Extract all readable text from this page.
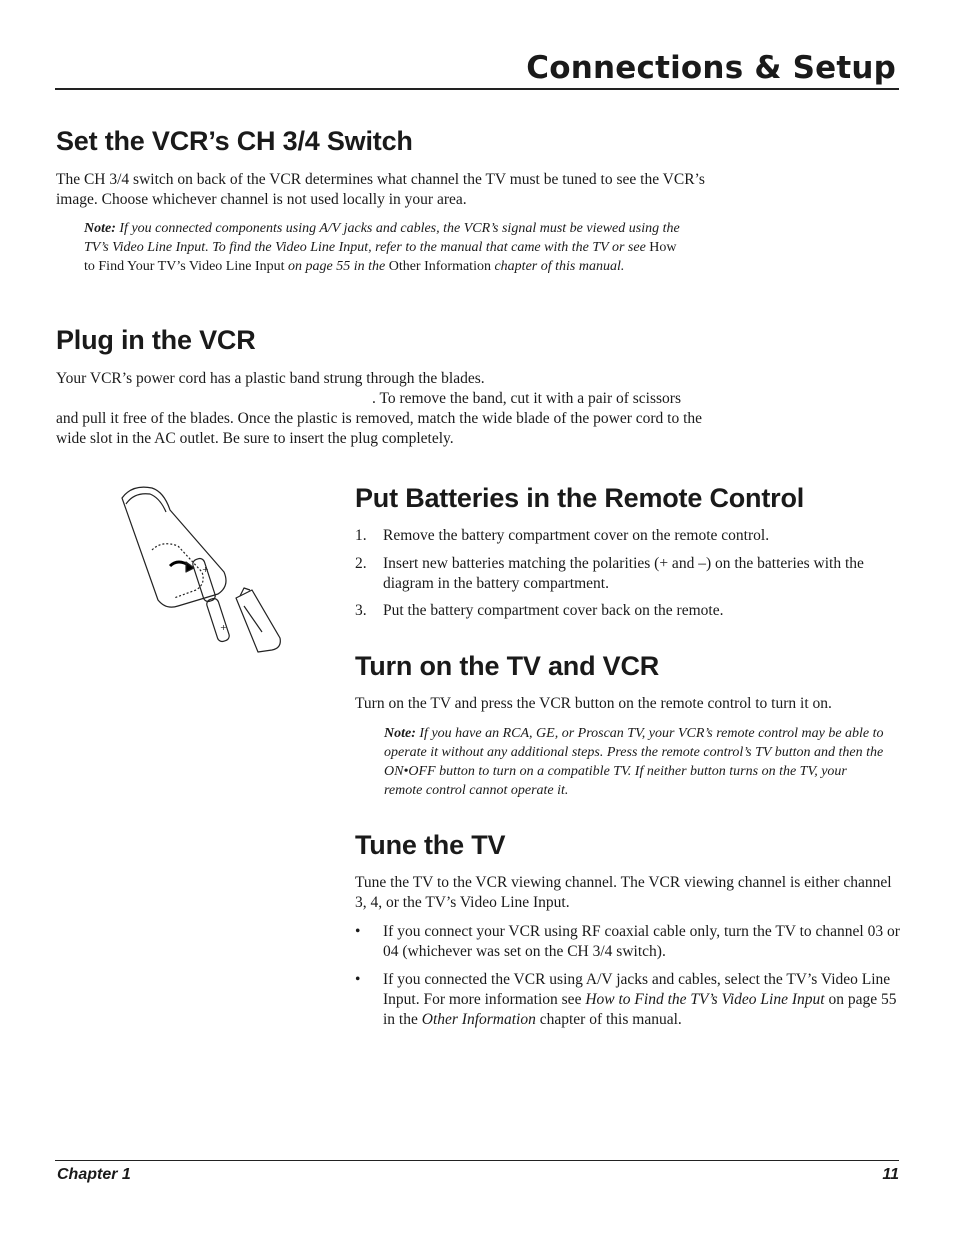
Connections & Setup
Set the VCR’s CH 3/4 Switch

The CH 3/4 switch on back of the VCR determines what channel the TV must be tuned to see the VCR’s image. Choose whichever channel is not used locally in your area.

Note: If you connected components using A/V jacks and cables, the VCR’s signal must be viewed using the TV’s Video Line Input. To find the Video Line Input, refer to the manual that came with the TV or see How to Find Your TV’s Video Line Input on page 55 in the Other Information chapter of this manual.

Plug in the VCR

Your VCR’s power cord has a plastic band strung through the blades.

. To remove the band, cut it with a pair of scissors

and pull it free of the blades. Once the plastic is removed, match the wide blade of the power cord to the wide slot in the AC outlet. Be sure to insert the plug completely.

+
+
Put Batteries in the Remote Control
1. Remove the battery compartment cover on the remote control.
2. Insert new batteries matching the polarities (+ and –) on the batteries with the diagram in the battery compartment.
3. Put the battery compartment cover back on the remote.
Turn on the TV and VCR

Turn on the TV and press the VCR button on the remote control to turn it on.

Note: If you have an RCA, GE, or Proscan TV, your VCR’s remote control may be able to operate it without any additional steps. Press the remote control’s TV button and then the ON•OFF button to turn on a compatible TV. If neither button turns on the TV, your remote control cannot operate it.

Tune the TV

Tune the TV to the VCR viewing channel. The VCR viewing channel is either channel 3, 4, or the TV’s Video Line Input.

• If you connect your VCR using RF coaxial cable only, turn the TV to channel 03 or 04 (whichever was set on the CH 3/4 switch).
• If you connected the VCR using A/V jacks and cables, select the TV’s Video Line Input. For more information see How to Find the TV’s Video Line Input on page 55 in the Other Information chapter of this manual.
Chapter 1	11
